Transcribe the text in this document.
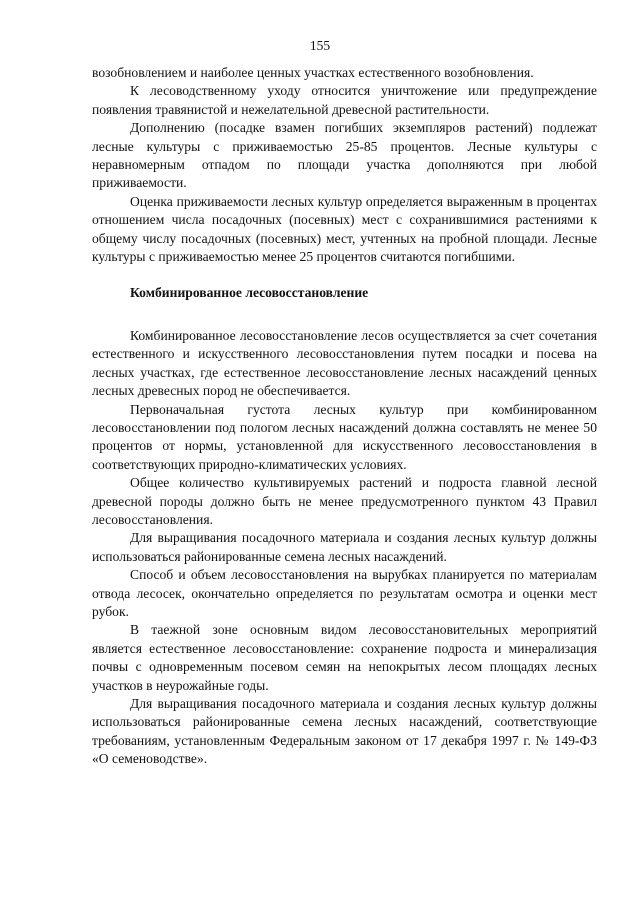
155

возобновлением и наиболее ценных участках естественного возобновления.

К лесоводственному уходу относится уничтожение или предупреждение появления травянистой и нежелательной древесной растительности.

Дополнению (посадке взамен погибших экземпляров растений) подлежат лесные культуры с приживаемостью 25-85 процентов. Лесные культуры с неравномерным отпадом по площади участка дополняются при любой приживаемости.

Оценка приживаемости лесных культур определяется выраженным в процентах отношением числа посадочных (посевных) мест с сохранившимися растениями к общему числу посадочных (посевных) мест, учтенных на пробной площади. Лесные культуры с приживаемостью менее 25 процентов считаются погибшими.

Комбинированное лесовосстановление

Комбинированное лесовосстановление лесов осуществляется за счет сочетания естественного и искусственного лесовосстановления путем посадки и посева на лесных участках, где естественное лесовосстановление лесных насаждений ценных лесных древесных пород не обеспечивается.

Первоначальная густота лесных культур при комбинированном лесовосстановлении под пологом лесных насаждений должна составлять не менее 50 процентов от нормы, установленной для искусственного лесовосстановления в соответствующих природно-климатических условиях.

Общее количество культивируемых растений и подроста главной лесной древесной породы должно быть не менее предусмотренного пунктом 43 Правил лесовосстановления.

Для выращивания посадочного материала и создания лесных культур должны использоваться районированные семена лесных насаждений.

Способ и объем лесовосстановления на вырубках планируется по материалам отвода лесосек, окончательно определяется по результатам осмотра и оценки мест рубок.

В таежной зоне основным видом лесовосстановительных мероприятий является естественное лесовосстановление: сохранение подроста и минерализация почвы с одновременным посевом семян на непокрытых лесом площадях лесных участков в неурожайные годы.

Для выращивания посадочного материала и создания лесных культур должны использоваться районированные семена лесных насаждений, соответствующие требованиям, установленным Федеральным законом от 17 декабря 1997 г. № 149-ФЗ «О семеноводстве».
